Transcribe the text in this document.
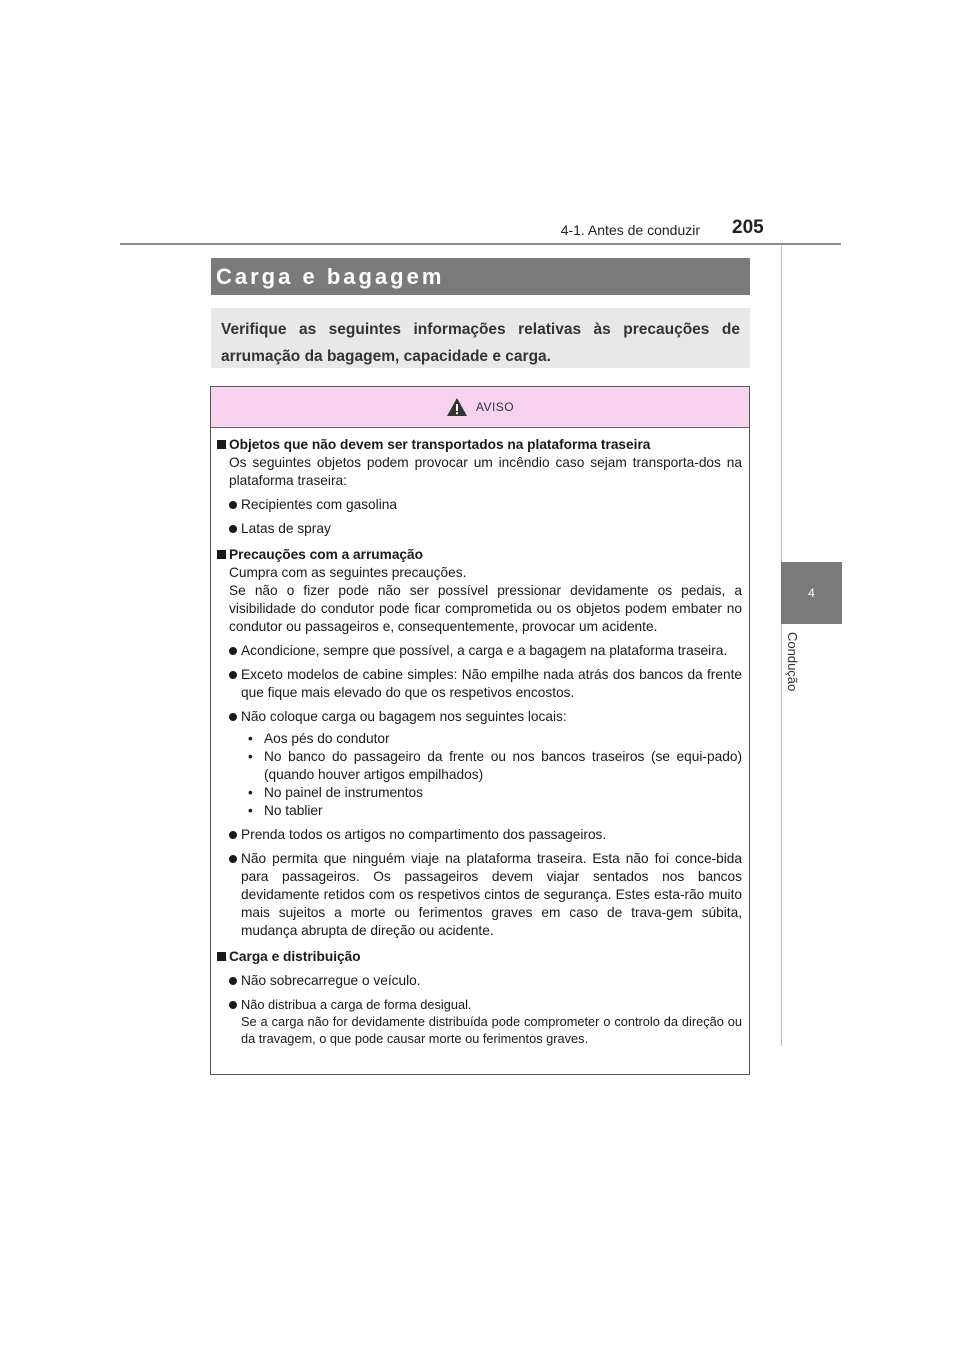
4-1. Antes de conduzir 205
4
Condução
Carga e bagagem
Verifique as seguintes informações relativas às precauções de arrumação da bagagem, capacidade e carga.
AVISO
Objetos que não devem ser transportados na plataforma traseira
Os seguintes objetos podem provocar um incêndio caso sejam transporta-dos na plataforma traseira:
Recipientes com gasolina
Latas de spray
Precauções com a arrumação
Cumpra com as seguintes precauções.
Se não o fizer pode não ser possível pressionar devidamente os pedais, a visibilidade do condutor pode ficar comprometida ou os objetos podem embater no condutor ou passageiros e, consequentemente, provocar um acidente.
Acondicione, sempre que possível, a carga e a bagagem na plataforma traseira.
Exceto modelos de cabine simples: Não empilhe nada atrás dos bancos da frente que fique mais elevado do que os respetivos encostos.
Não coloque carga ou bagagem nos seguintes locais:
• Aos pés do condutor
• No banco do passageiro da frente ou nos bancos traseiros (se equi-pado) (quando houver artigos empilhados)
• No painel de instrumentos
• No tablier
Prenda todos os artigos no compartimento dos passageiros.
Não permita que ninguém viaje na plataforma traseira. Esta não foi conce-bida para passageiros. Os passageiros devem viajar sentados nos bancos devidamente retidos com os respetivos cintos de segurança. Estes esta-rão muito mais sujeitos a morte ou ferimentos graves em caso de trava-gem súbita, mudança abrupta de direção ou acidente.
Carga e distribuição
Não sobrecarregue o veículo.
Não distribua a carga de forma desigual.
Se a carga não for devidamente distribuída pode comprometer o controlo da direção ou da travagem, o que pode causar morte ou ferimentos graves.
